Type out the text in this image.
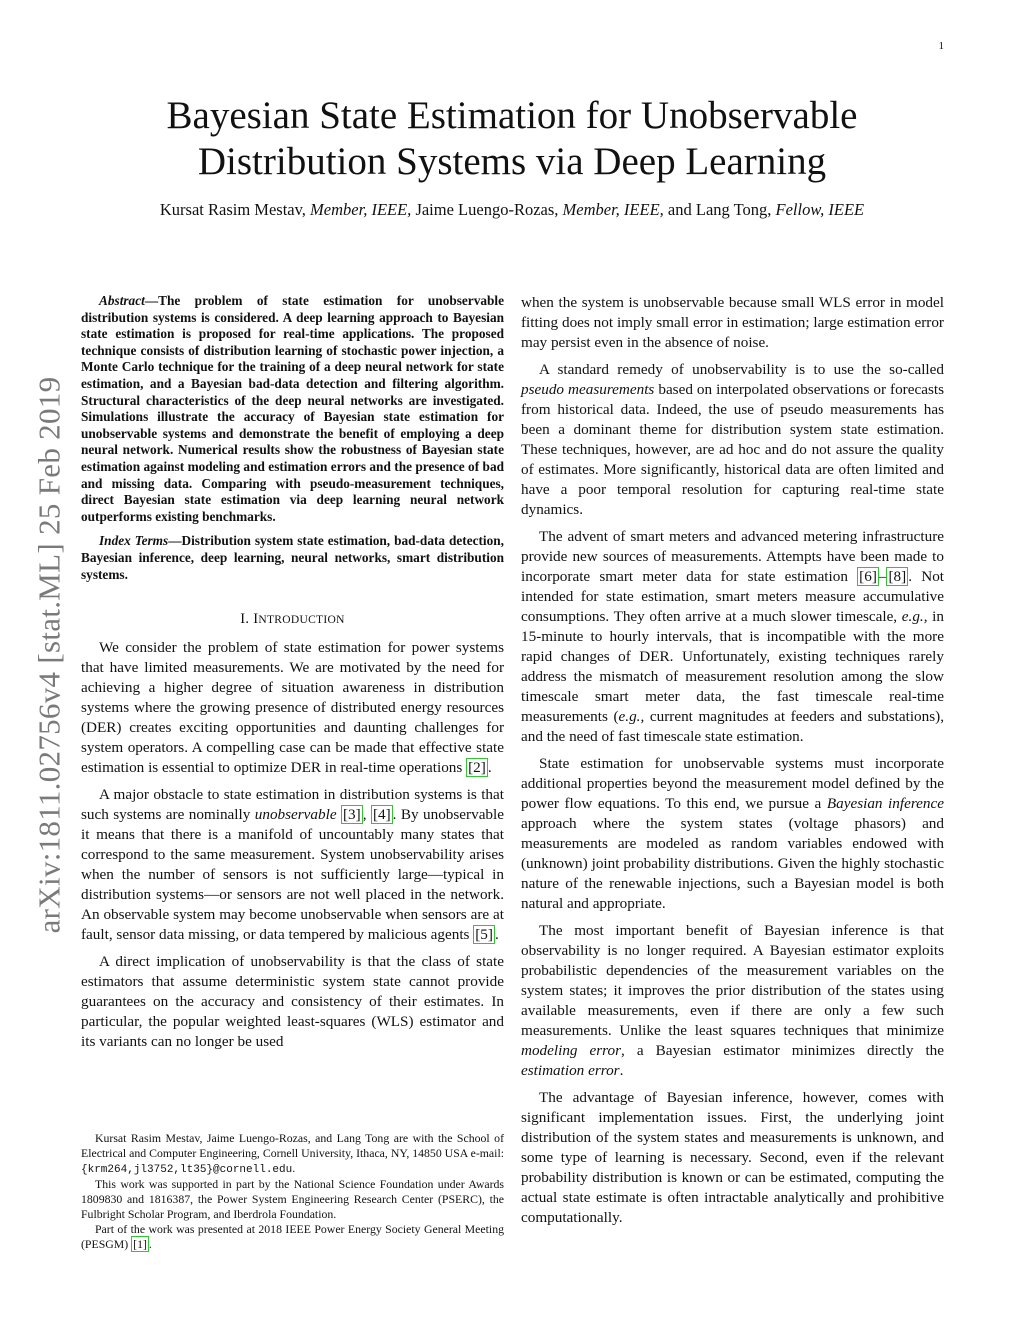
1
arXiv:1811.02756v4 [stat.ML] 25 Feb 2019
Bayesian State Estimation for Unobservable
Distribution Systems via Deep Learning

Kursat Rasim Mestav, Member, IEEE, Jaime Luengo-Rozas, Member, IEEE, and Lang Tong, Fellow, IEEE

Abstract—The problem of state estimation for unobservable distribution systems is considered. A deep learning approach to Bayesian state estimation is proposed for real-time applications. The proposed technique consists of distribution learning of stochastic power injection, a Monte Carlo technique for the training of a deep neural network for state estimation, and a Bayesian bad-data detection and filtering algorithm. Structural characteristics of the deep neural networks are investigated. Simulations illustrate the accuracy of Bayesian state estimation for unobservable systems and demonstrate the benefit of employing a deep neural network. Numerical results show the robustness of Bayesian state estimation against modeling and estimation errors and the presence of bad and missing data. Comparing with pseudo-measurement techniques, direct Bayesian state estimation via deep learning neural network outperforms existing benchmarks.

Index Terms—Distribution system state estimation, bad-data detection, Bayesian inference, deep learning, neural networks, smart distribution systems.

I. INTRODUCTION

We consider the problem of state estimation for power systems that have limited measurements. We are motivated by the need for achieving a higher degree of situation awareness in distribution systems where the growing presence of distributed energy resources (DER) creates exciting opportunities and daunting challenges for system operators. A compelling case can be made that effective state estimation is essential to optimize DER in real-time operations [2] .

A major obstacle to state estimation in distribution systems is that such systems are nominally unobservable [3] , [4] . By unobservable it means that there is a manifold of uncountably many states that correspond to the same measurement. System unobservability arises when the number of sensors is not sufficiently large—typical in distribution systems—or sensors are not well placed in the network. An observable system may become unobservable when sensors are at fault, sensor data missing, or data tempered by malicious agents [5] .

A direct implication of unobservability is that the class of state estimators that assume deterministic system state cannot provide guarantees on the accuracy and consistency of their estimates. In particular, the popular weighted least-squares (WLS) estimator and its variants can no longer be used

Kursat Rasim Mestav, Jaime Luengo-Rozas, and Lang Tong are with the School of Electrical and Computer Engineering, Cornell University, Ithaca, NY, 14850 USA e-mail: {krm264,jl3752,lt35}@cornell.edu.

This work was supported in part by the National Science Foundation under Awards 1809830 and 1816387, the Power System Engineering Research Center (PSERC), the Fulbright Scholar Program, and Iberdrola Foundation.

Part of the work was presented at 2018 IEEE Power Energy Society General Meeting (PESGM) [1] .

when the system is unobservable because small WLS error in model fitting does not imply small error in estimation; large estimation error may persist even in the absence of noise.

A standard remedy of unobservability is to use the so-called pseudo measurements based on interpolated observations or forecasts from historical data. Indeed, the use of pseudo measurements has been a dominant theme for distribution system state estimation. These techniques, however, are ad hoc and do not assure the quality of estimates. More significantly, historical data are often limited and have a poor temporal resolution for capturing real-time state dynamics.

The advent of smart meters and advanced metering infrastructure provide new sources of measurements. Attempts have been made to incorporate smart meter data for state estimation [6] – [8] . Not intended for state estimation, smart meters measure accumulative consumptions. They often arrive at a much slower timescale, e.g., in 15-minute to hourly intervals, that is incompatible with the more rapid changes of DER. Unfortunately, existing techniques rarely address the mismatch of measurement resolution among the slow timescale smart meter data, the fast timescale real-time measurements (e.g., current magnitudes at feeders and substations), and the need of fast timescale state estimation.

State estimation for unobservable systems must incorporate additional properties beyond the measurement model defined by the power flow equations. To this end, we pursue a Bayesian inference approach where the system states (voltage phasors) and measurements are modeled as random variables endowed with (unknown) joint probability distributions. Given the highly stochastic nature of the renewable injections, such a Bayesian model is both natural and appropriate.

The most important benefit of Bayesian inference is that observability is no longer required. A Bayesian estimator exploits probabilistic dependencies of the measurement variables on the system states; it improves the prior distribution of the states using available measurements, even if there are only a few such measurements. Unlike the least squares techniques that minimize modeling error, a Bayesian estimator minimizes directly the estimation error.

The advantage of Bayesian inference, however, comes with significant implementation issues. First, the underlying joint distribution of the system states and measurements is unknown, and some type of learning is necessary. Second, even if the relevant probability distribution is known or can be estimated, computing the actual state estimate is often intractable analytically and prohibitive computationally.
